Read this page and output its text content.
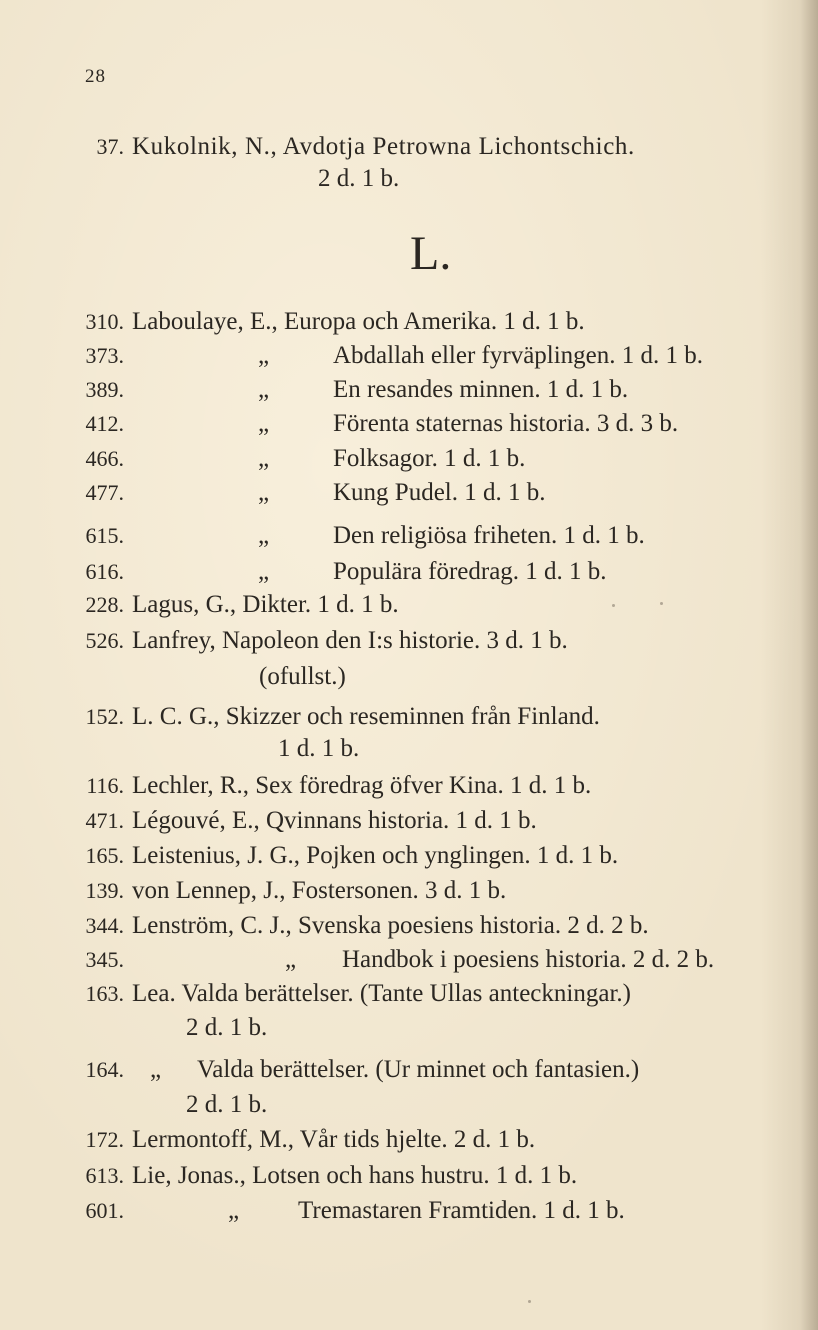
28
37. Kukolnik, N., Avdotja Petrowna Lichontschich.
2 d. 1 b.
L.
310. Laboulaye, E., Europa och Amerika. 1 d. 1 b.
373.	„	Abdallah eller fyrväplingen. 1 d. 1 b.
389.	„	En resandes minnen. 1 d. 1 b.
412.	„	Förenta staternas historia. 3 d. 3 b.
466.	„	Folksagor. 1 d. 1 b.
477.	„	Kung Pudel. 1 d. 1 b.
615.	„	Den religiösa friheten. 1 d. 1 b.
616.	„	Populära föredrag. 1 d. 1 b.
228. Lagus, G., Dikter. 1 d. 1 b.
526. Lanfrey, Napoleon den I:s historie. 3 d. 1 b.
(ofullst.)
152. L. C. G., Skizzer och reseminnen från Finland.
1 d. 1 b.
116. Lechler, R., Sex föredrag öfver Kina. 1 d. 1 b.
471. Légouvé, E., Qvinnans historia. 1 d. 1 b.
165. Leistenius, J. G., Pojken och ynglingen. 1 d. 1 b.
139. von Lennep, J., Fostersonen. 3 d. 1 b.
344. Lenström, C. J., Svenska poesiens historia. 2 d. 2 b.
345.	„ Handbok i poesiens historia. 2 d. 2 b.
163. Lea. Valda berättelser. (Tante Ullas anteckningar.)
2 d. 1 b.
164. „ Valda berättelser. (Ur minnet och fantasien.)
2 d. 1 b.
172. Lermontoff, M., Vår tids hjelte. 2 d. 1 b.
613. Lie, Jonas., Lotsen och hans hustru. 1 d. 1 b.
601.	„ Tremastaren Framtiden. 1 d. 1 b.
